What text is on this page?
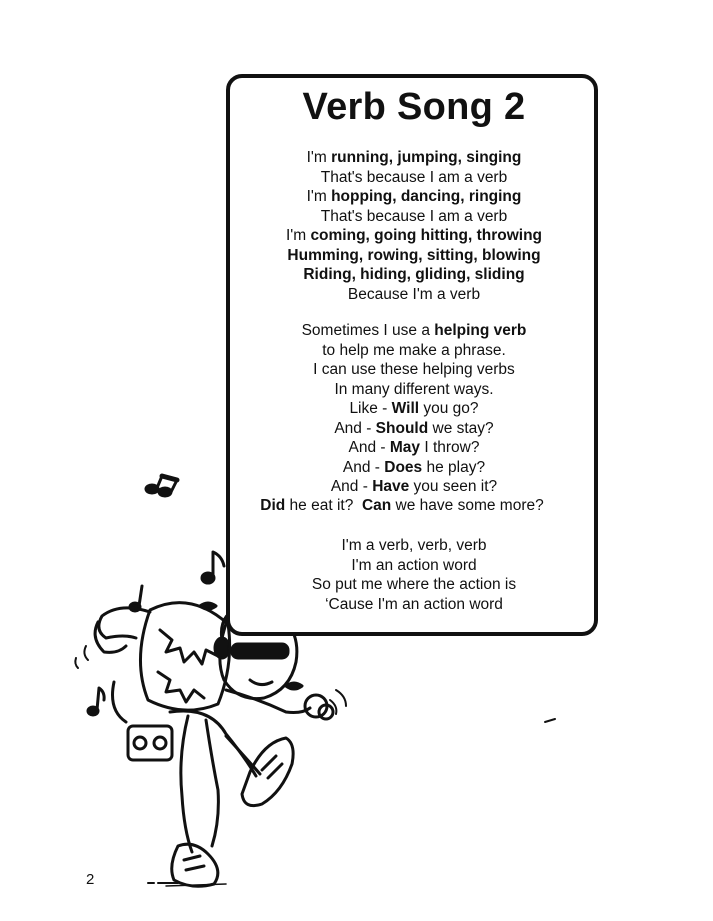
Verb Song 2
I'm running, jumping, singing
That's because I am a verb
I'm hopping, dancing, ringing
That's because I am a verb
I'm coming, going hitting, throwing
Humming, rowing, sitting, blowing
Riding, hiding, gliding, sliding
Because I'm a verb
Sometimes I use a helping verb
to help me make a phrase.
I can use these helping verbs
In many different ways.
Like - Will you go?
And - Should we stay?
And - May I throw?
And - Does he play?
And - Have you seen it?
Did he eat it?  Can we have some more?
I'm a verb, verb, verb
I'm an action word
So put me where the action is
‘Cause I'm an action word
2
